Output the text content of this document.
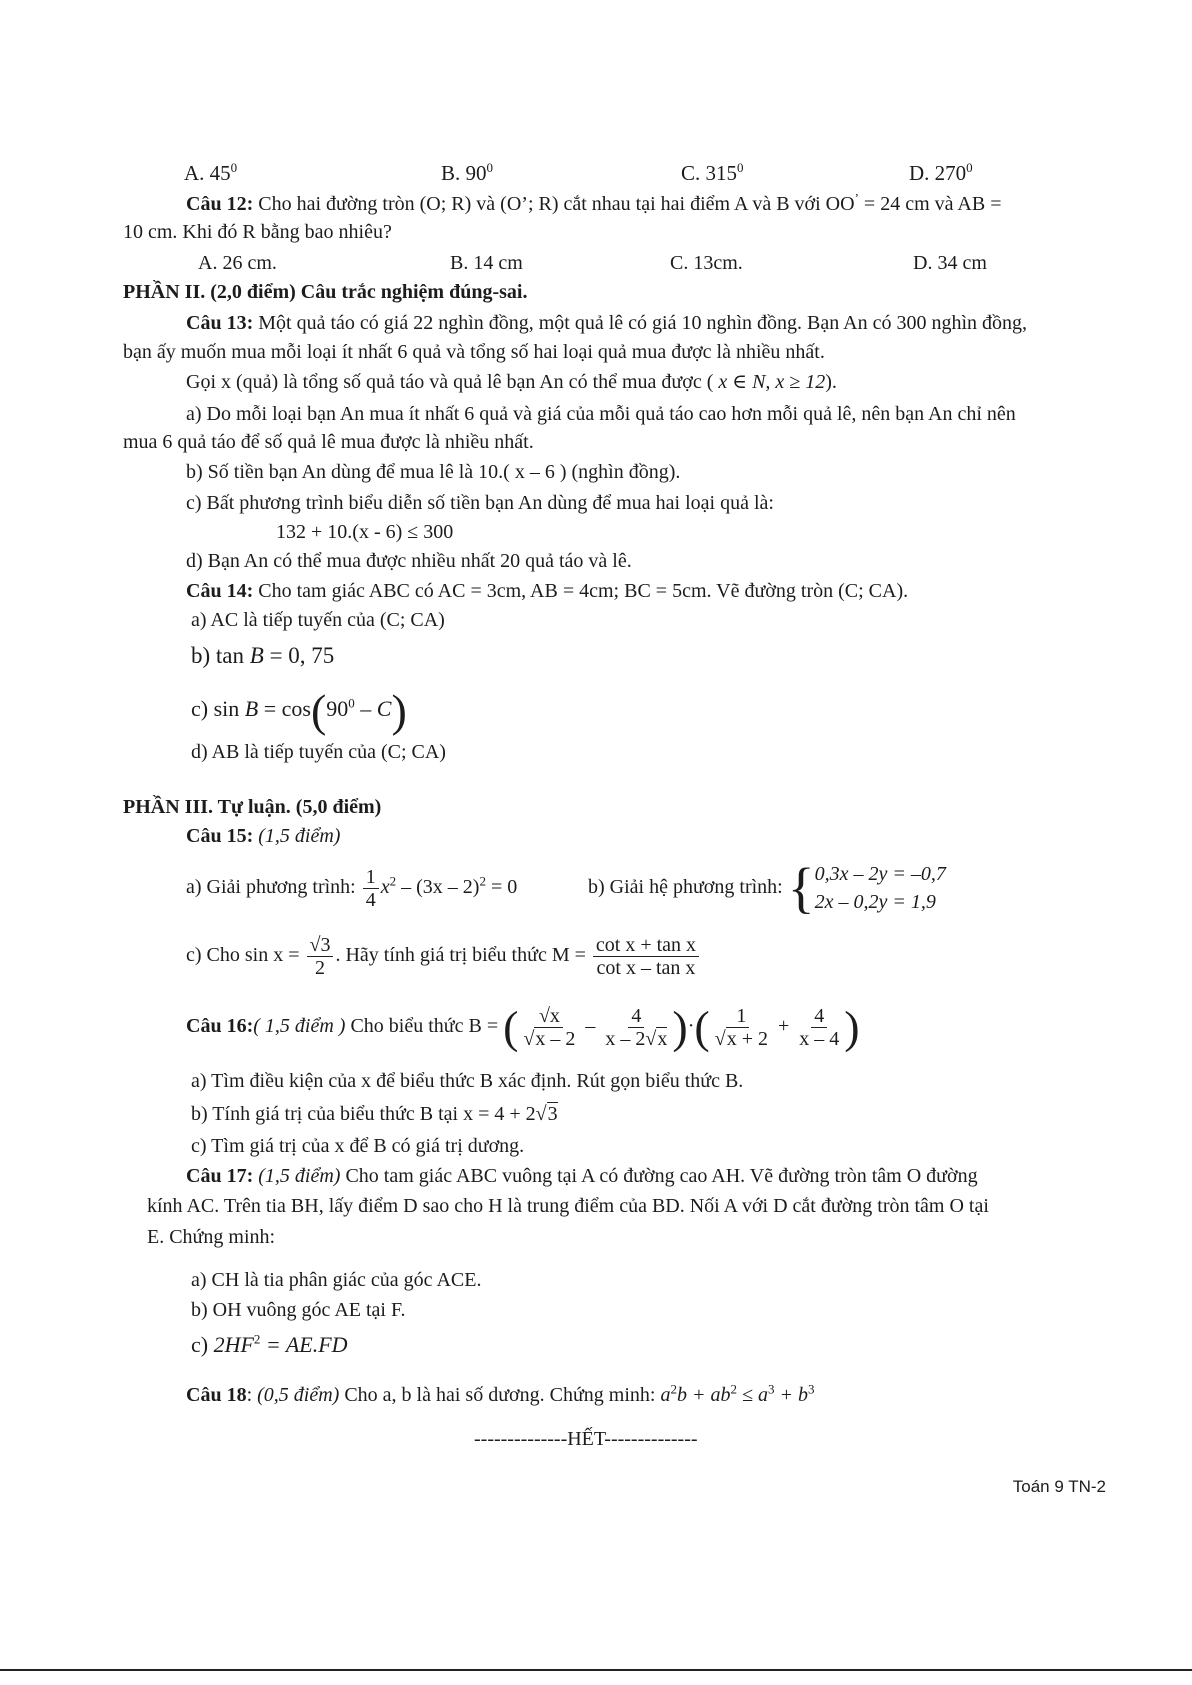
A. $45^0$	B. $90^0$	C. $315^0$	D. $270^0$
Câu 12: Cho hai đường tròn (O; R) và (O’; R) cắt nhau tại hai điểm A và B với OO’ = 24 cm và AB =
10 cm. Khi đó R bằng bao nhiêu?
A. 26 cm.	B. 14 cm	C. 13cm.	D. 34 cm
PHẦN II. (2,0 điểm) Câu trắc nghiệm đúng-sai.
Câu 13: Một quả táo có giá 22 nghìn đồng, một quả lê có giá 10 nghìn đồng. Bạn An có 300 nghìn đồng,
bạn ấy muốn mua mỗi loại ít nhất 6 quả và tổng số hai loại quả mua được là nhiều nhất.
Gọi x (quả) là tổng số quả táo và quả lê bạn An có thể mua được ( x ∈ N, x ≥ 12).
a) Do mỗi loại bạn An mua ít nhất 6 quả và giá của mỗi quả táo cao hơn mỗi quả lê, nên bạn An chỉ nên
mua 6 quả táo để số quả lê mua được là nhiều nhất.
b) Số tiền bạn An dùng để mua lê là 10.( x – 6 ) (nghìn đồng).
c) Bất phương trình biểu diễn số tiền bạn An dùng để mua hai loại quả là:
132 + 10.(x - 6) ≤ 300
d) Bạn An có thể mua được nhiều nhất 20 quả táo và lê.
Câu 14: Cho tam giác ABC có AC = 3cm, AB = 4cm; BC = 5cm. Vẽ đường tròn (C; CA).
a) AC là tiếp tuyến của (C; CA)
b) tan B = 0, 75
c) $\sin B = \cos(90^0 - C)$
d) AB là tiếp tuyến của (C; CA)
PHẦN III. Tự luận. (5,0 điểm)
Câu 15: (1,5 điểm)
a) Giải phương trình: $\frac{1}{4} x^2 - (3x - 2)^2 = 0$	b) Giải hệ phương trình: { 0,3x – 2y = –0,7
2x – 0,2y = 1,9
c) Cho $\sin x = \frac{√3}{2}$ . Hãy tính giá trị biểu thức $M = \frac{\text{cot x + tan x}}{\text{cot x – tan x}}$
Câu 16:( 1,5 điểm ) Cho biểu thức B = ( $\frac{√x}{√x - 2} - \frac{4}{x - 2√x}$ )·( $\frac{1}{√x + 2} + \frac{4}{x - 4}$ )
a) Tìm điều kiện của x để biểu thức B xác định. Rút gọn biểu thức B.
b) Tính giá trị của biểu thức B tại x = 4 + 2√3
c) Tìm giá trị của x để B có giá trị dương.
Câu 17: (1,5 điểm) Cho tam giác ABC vuông tại A có đường cao AH. Vẽ đường tròn tâm O đường
kính AC. Trên tia BH, lấy điểm D sao cho H là trung điểm của BD. Nối A với D cắt đường tròn tâm O tại
E. Chứng minh:
a) CH là tia phân giác của góc ACE.
b) OH vuông góc AE tại F.
c) $2HF^2 = AE.FD$
Câu 18: (0,5 điểm) Cho a, b là hai số dương. Chứng minh: $a^2b + ab^2 \le a^3 + b^3$
--------------HẾT--------------
Toán 9 TN-2
